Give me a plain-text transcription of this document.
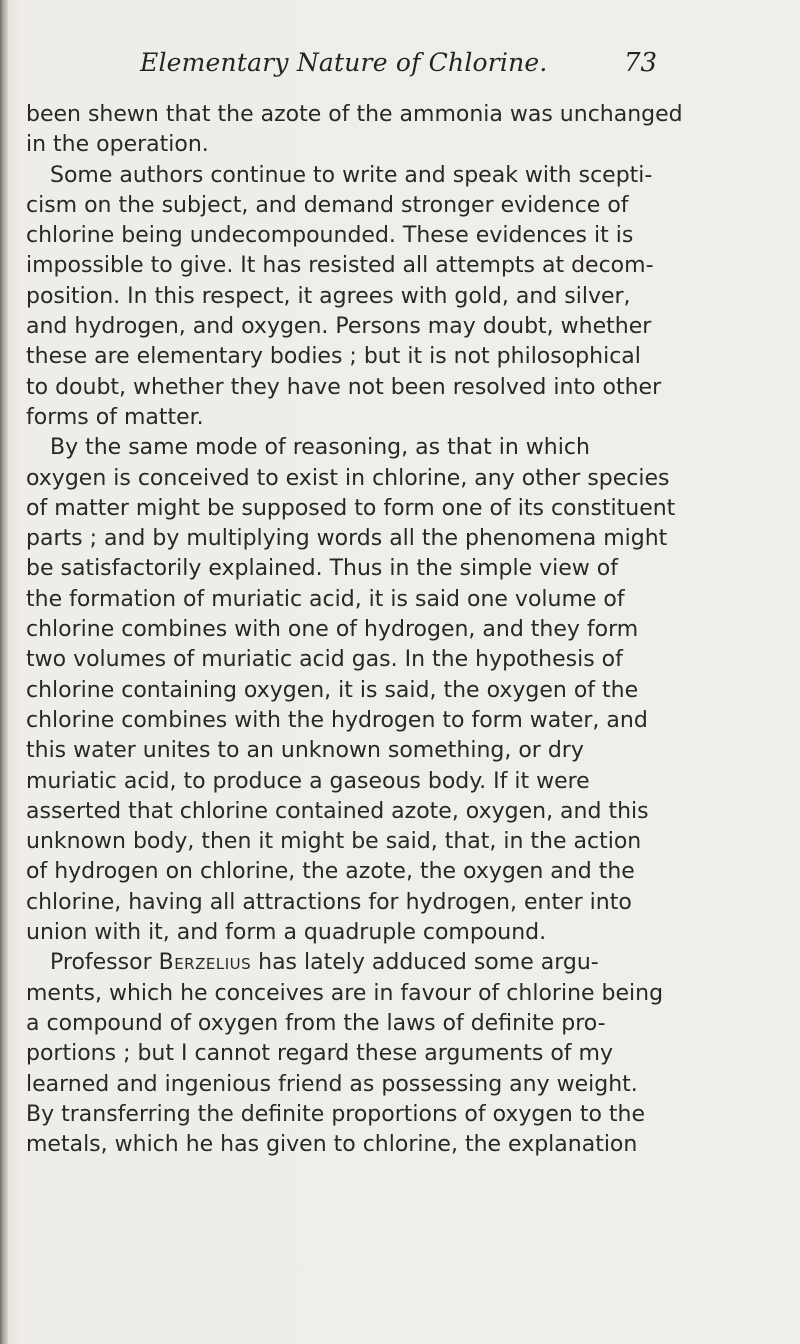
Elementary Nature of Chlorine.	73
been shewn that the azote of the ammonia was unchanged
in the operation.
Some authors continue to write and speak with scepti-
cism on the subject, and demand stronger evidence of
chlorine being undecompounded. These evidences it is
impossible to give. It has resisted all attempts at decom-
position. In this respect, it agrees with gold, and silver,
and hydrogen, and oxygen. Persons may doubt, whether
these are elementary bodies ; but it is not philosophical
to doubt, whether they have not been resolved into other
forms of matter.
By the same mode of reasoning, as that in which
oxygen is conceived to exist in chlorine, any other species
of matter might be supposed to form one of its constituent
parts ; and by multiplying words all the phenomena might
be satisfactorily explained. Thus in the simple view of
the formation of muriatic acid, it is said one volume of
chlorine combines with one of hydrogen, and they form
two volumes of muriatic acid gas. In the hypothesis of
chlorine containing oxygen, it is said, the oxygen of the
chlorine combines with the hydrogen to form water, and
this water unites to an unknown something, or dry
muriatic acid, to produce a gaseous body. If it were
asserted that chlorine contained azote, oxygen, and this
unknown body, then it might be said, that, in the action
of hydrogen on chlorine, the azote, the oxygen and the
chlorine, having all attractions for hydrogen, enter into
union with it, and form a quadruple compound.
Professor Berzelius has lately adduced some argu-
ments, which he conceives are in favour of chlorine being
a compound of oxygen from the laws of definite pro-
portions ; but I cannot regard these arguments of my
learned and ingenious friend as possessing any weight.
By transferring the definite proportions of oxygen to the
metals, which he has given to chlorine, the explanation
